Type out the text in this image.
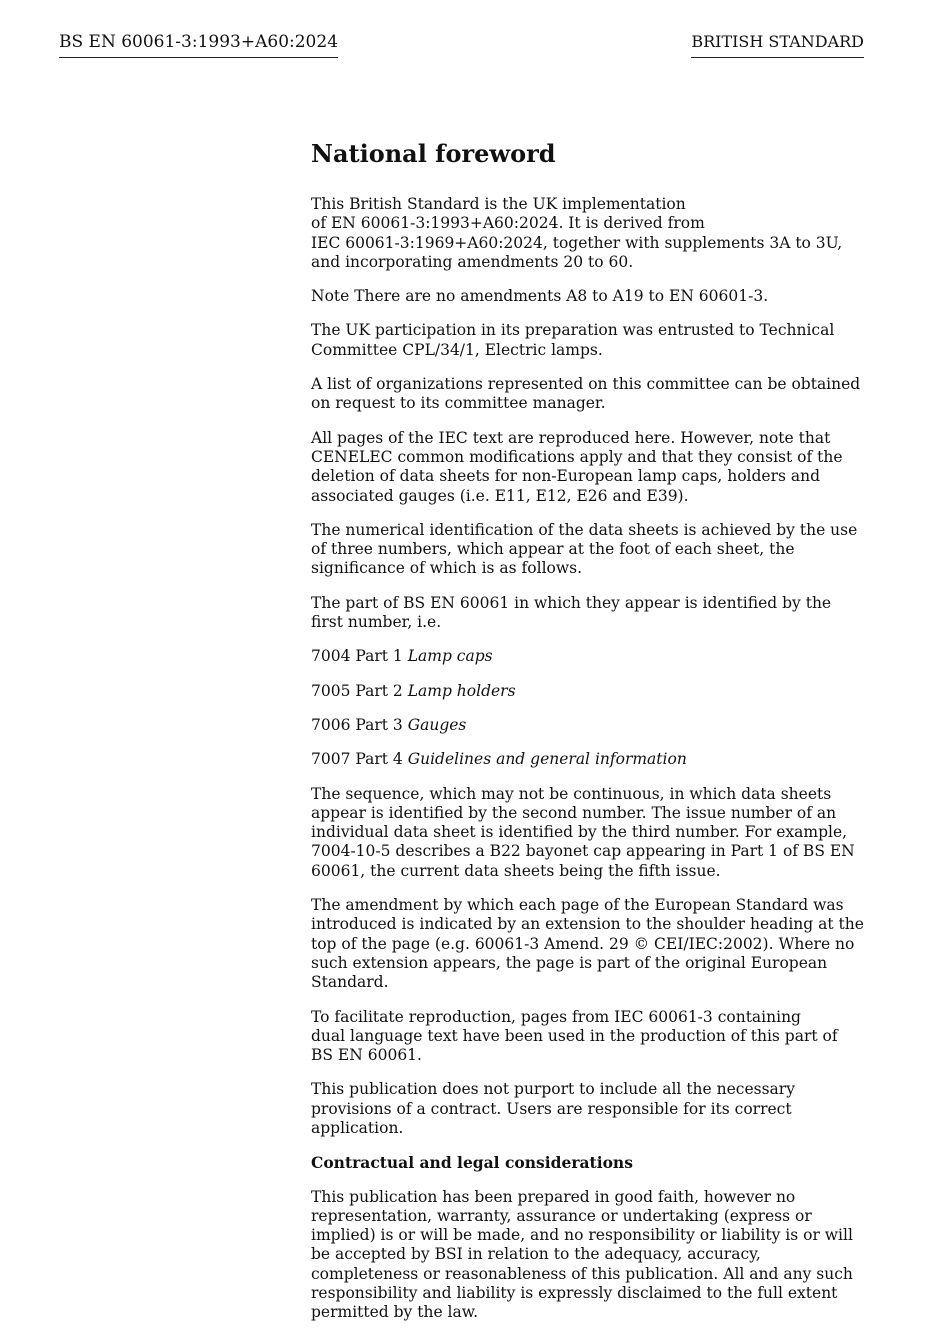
BS EN 60061-3:1993+A60:2024	BRITISH STANDARD
National foreword

This British Standard is the UK implementation
of EN 60061-3:1993+A60:2024. It is derived from
IEC 60061-3:1969+A60:2024, together with supplements 3A to 3U, and incorporating amendments 20 to 60.

Note There are no amendments A8 to A19 to EN 60601-3.

The UK participation in its preparation was entrusted to Technical Committee CPL/34/1, Electric lamps.

A list of organizations represented on this committee can be obtained on request to its committee manager.

All pages of the IEC text are reproduced here. However, note that CENELEC common modifications apply and that they consist of the deletion of data sheets for non-European lamp caps, holders and associated gauges (i.e. E11, E12, E26 and E39).

The numerical identification of the data sheets is achieved by the use of three numbers, which appear at the foot of each sheet, the significance of which is as follows.

The part of BS EN 60061 in which they appear is identified by the first number, i.e.

7004 Part 1 Lamp caps

7005 Part 2 Lamp holders

7006 Part 3 Gauges

7007 Part 4 Guidelines and general information

The sequence, which may not be continuous, in which data sheets appear is identified by the second number. The issue number of an individual data sheet is identified by the third number. For example, 7004-10-5 describes a B22 bayonet cap appearing in Part 1 of BS EN 60061, the current data sheets being the fifth issue.

The amendment by which each page of the European Standard was introduced is indicated by an extension to the shoulder heading at the top of the page (e.g. 60061-3 Amend. 29 © CEI/IEC:2002). Where no such extension appears, the page is part of the original European Standard.

To facilitate reproduction, pages from IEC 60061-3 containing
dual language text have been used in the production of this part of
BS EN 60061.

This publication does not purport to include all the necessary provisions of a contract. Users are responsible for its correct application.

Contractual and legal considerations

This publication has been prepared in good faith, however no representation, warranty, assurance or undertaking (express or implied) is or will be made, and no responsibility or liability is or will be accepted by BSI in relation to the adequacy, accuracy, completeness or reasonableness of this publication. All and any such responsibility and liability is expressly disclaimed to the full extent permitted by the law.
